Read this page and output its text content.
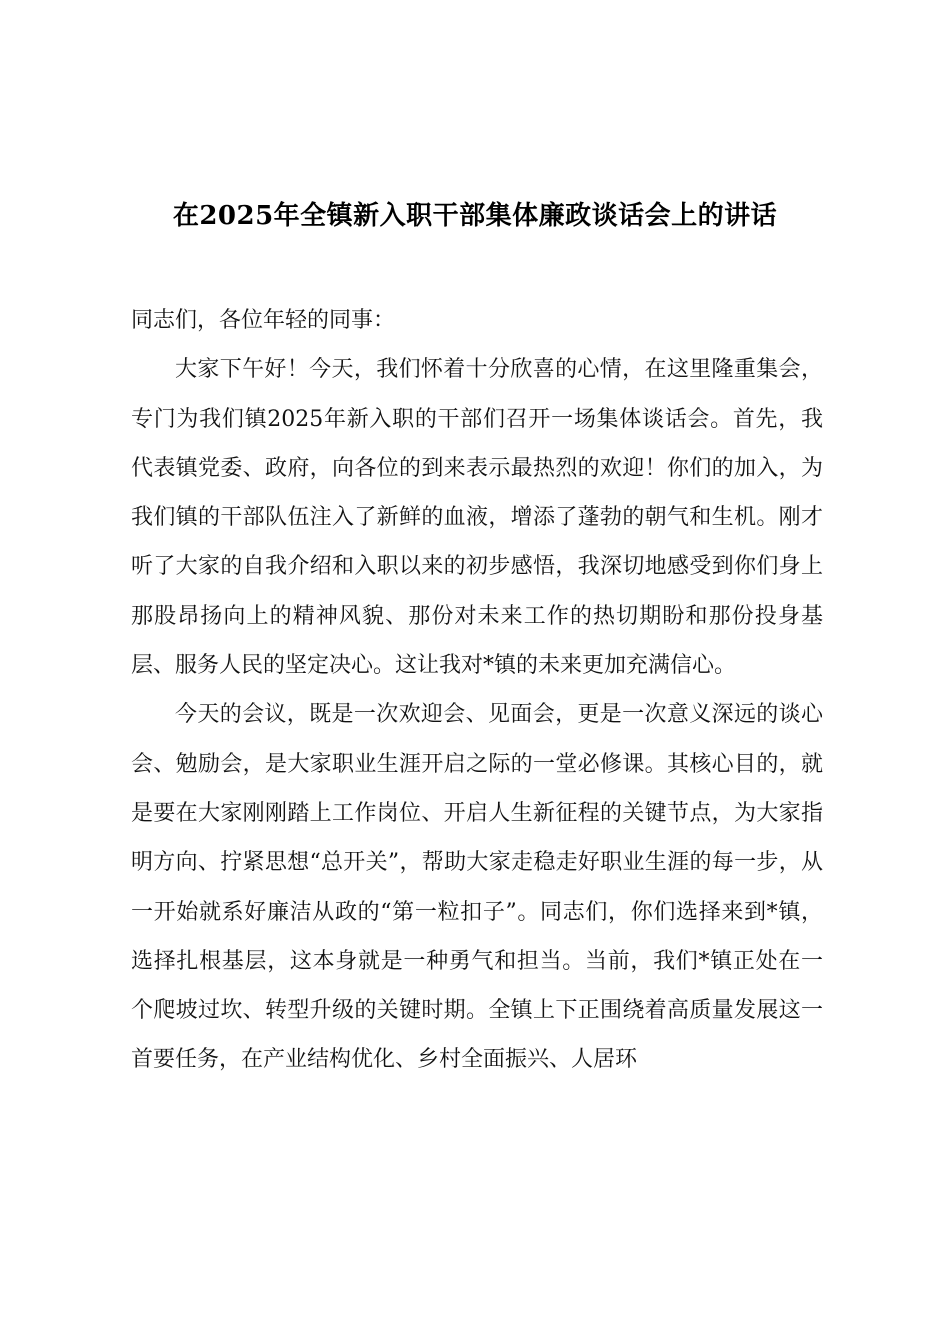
在2025年全镇新入职干部集体廉政谈话会上的讲话

同志们，各位年轻的同事：

大家下午好！今天，我们怀着十分欣喜的心情，在这里隆重集会，专门为我们镇2025年新入职的干部们召开一场集体谈话会。首先，我代表镇党委、政府，向各位的到来表示最热烈的欢迎！你们的加入，为我们镇的干部队伍注入了新鲜的血液，增添了蓬勃的朝气和生机。刚才听了大家的自我介绍和入职以来的初步感悟，我深切地感受到你们身上那股昂扬向上的精神风貌、那份对未来工作的热切期盼和那份投身基层、服务人民的坚定决心。这让我对*镇的未来更加充满信心。

今天的会议，既是一次欢迎会、见面会，更是一次意义深远的谈心会、勉励会，是大家职业生涯开启之际的一堂必修课。其核心目的，就是要在大家刚刚踏上工作岗位、开启人生新征程的关键节点，为大家指明方向、拧紧思想“总开关”，帮助大家走稳走好职业生涯的每一步，从一开始就系好廉洁从政的“第一粒扣子”。同志们，你们选择来到*镇，选择扎根基层，这本身就是一种勇气和担当。当前，我们*镇正处在一个爬坡过坎、转型升级的关键时期。全镇上下正围绕着高质量发展这一首要任务，在产业结构优化、乡村全面振兴、人居环
